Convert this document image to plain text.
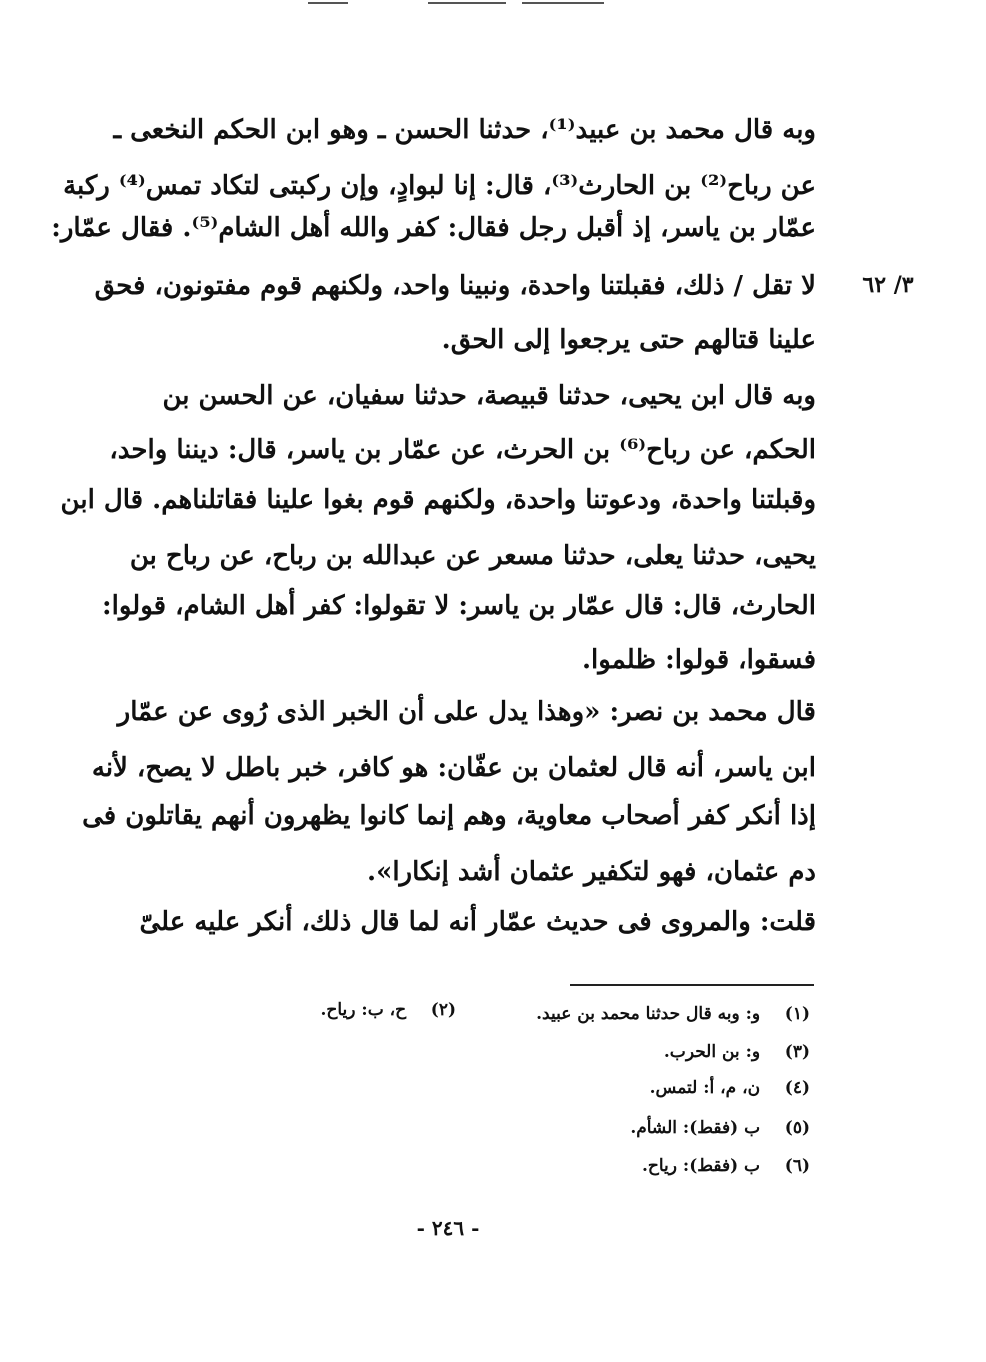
وبه قال محمد بن عبيد⁽¹⁾، حدثنا الحسن ـ وهو ابن الحكم النخعى ـ
عن رباح⁽²⁾ بن الحارث⁽³⁾، قال: إنا لبوادٍ، وإن ركبتى لتكاد تمس⁽⁴⁾ ركبة
عمّار بن ياسر، إذ أقبل رجل فقال: كفر والله أهل الشام⁽⁵⁾. فقال عمّار:
لا تقل / ذلك، فقبلتنا واحدة، ونبينا واحد، ولكنهم قوم مفتونون، فحق
علينا قتالهم حتى يرجعوا إلى الحق.
وبه قال ابن يحيى، حدثنا قبيصة، حدثنا سفيان، عن الحسن بن
الحكم، عن رباح⁽⁶⁾ بن الحرث، عن عمّار بن ياسر، قال: ديننا واحد،
وقبلتنا واحدة، ودعوتنا واحدة، ولكنهم قوم بغوا علينا فقاتلناهم. قال ابن
يحيى، حدثنا يعلى، حدثنا مسعر عن عبدالله بن رباح، عن رباح بن
الحارث، قال: قال عمّار بن ياسر: لا تقولوا: كفر أهل الشام، قولوا:
فسقوا، قولوا: ظلموا.
قال محمد بن نصر: «وهذا يدل على أن الخبر الذى رُوى عن عمّار
ابن ياسر، أنه قال لعثمان بن عفّان: هو كافر، خبر باطل لا يصح، لأنه
إذا أنكر كفر أصحاب معاوية، وهم إنما كانوا يظهرون أنهم يقاتلون فى
دم عثمان، فهو لتكفير عثمان أشد إنكارا».
قلت: والمروى فى حديث عمّار أنه لما قال ذلك، أنكر عليه علىّ
٣/ ٦٢
(١) و: وبه قال حدثنا محمد بن عبيد.
(٢) ح، ب: رياح.
(٣) و: بن الحرب.
(٤) ن، م، أ: لتمس.
(٥) ب (فقط): الشأم.
(٦) ب (فقط): رياح.
- ٢٤٦ -
